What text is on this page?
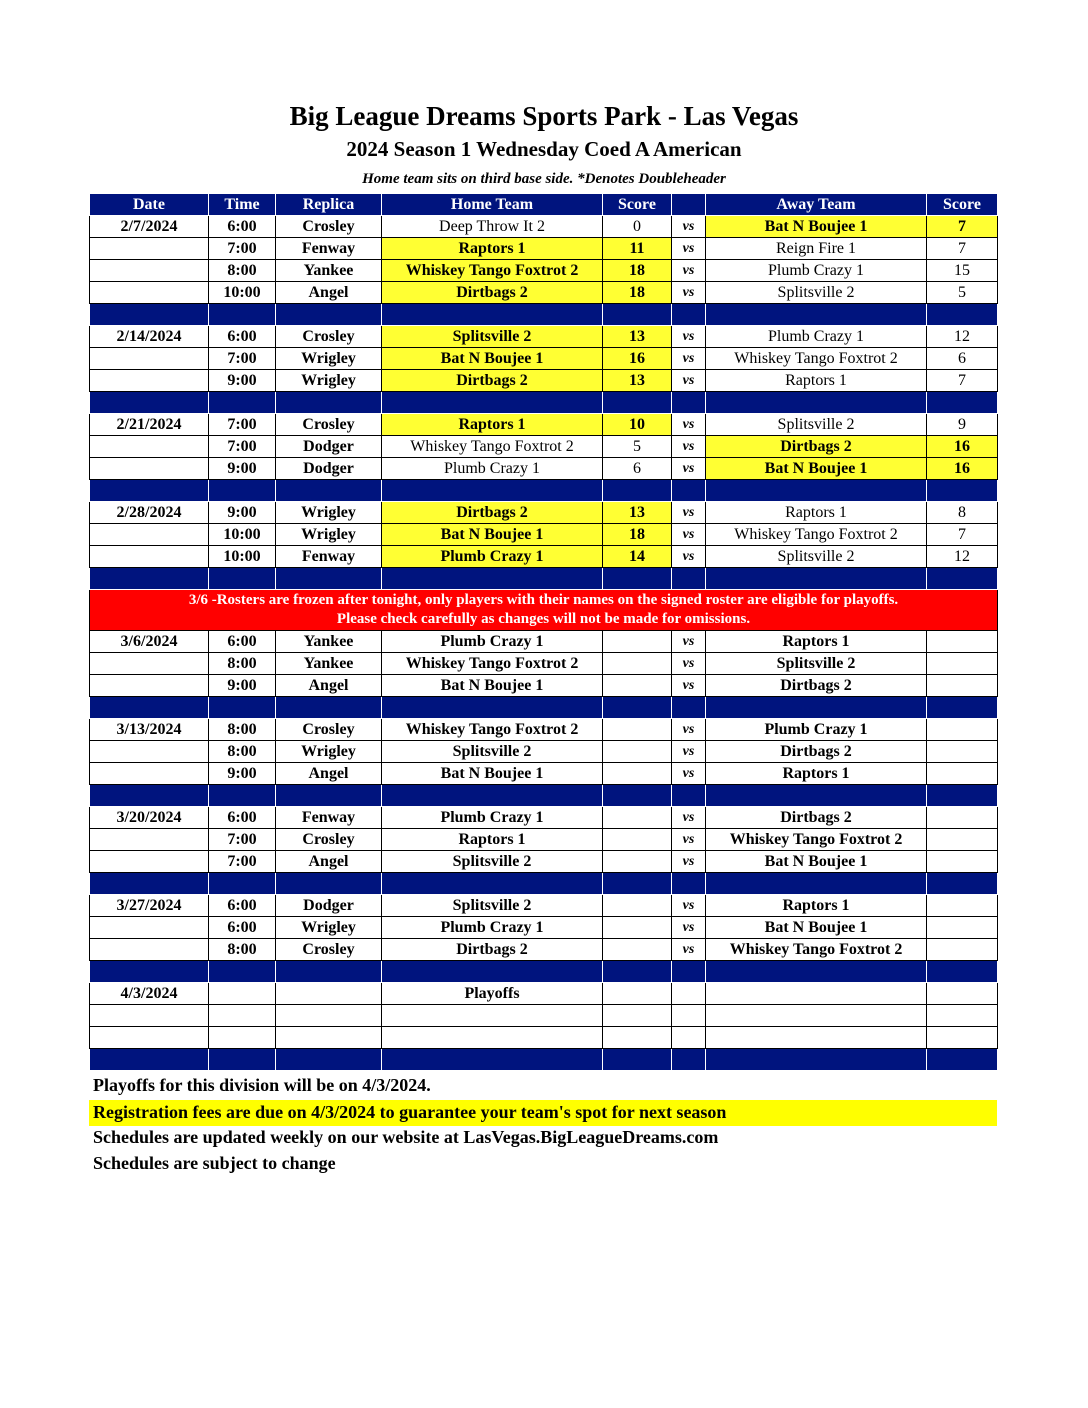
Big League Dreams Sports Park - Las Vegas
2024 Season 1 Wednesday Coed A American
Home team sits on third base side. *Denotes Doubleheader
Date	Time	Replica	Home Team	Score		Away Team	Score
2/7/2024	6:00	Crosley	Deep Throw It 2	0	vs	Bat N Boujee 1	7
	7:00	Fenway	Raptors 1	11	vs	Reign Fire 1	7
	8:00	Yankee	Whiskey Tango Foxtrot 2	18	vs	Plumb Crazy 1	15
	10:00	Angel	Dirtbags 2	18	vs	Splitsville 2	5

2/14/2024	6:00	Crosley	Splitsville 2	13	vs	Plumb Crazy 1	12
	7:00	Wrigley	Bat N Boujee 1	16	vs	Whiskey Tango Foxtrot 2	6
	9:00	Wrigley	Dirtbags 2	13	vs	Raptors 1	7

2/21/2024	7:00	Crosley	Raptors 1	10	vs	Splitsville 2	9
	7:00	Dodger	Whiskey Tango Foxtrot 2	5	vs	Dirtbags 2	16
	9:00	Dodger	Plumb Crazy 1	6	vs	Bat N Boujee 1	16

2/28/2024	9:00	Wrigley	Dirtbags 2	13	vs	Raptors 1	8
	10:00	Wrigley	Bat N Boujee 1	18	vs	Whiskey Tango Foxtrot 2	7
	10:00	Fenway	Plumb Crazy 1	14	vs	Splitsville 2	12

3/6 -Rosters are frozen after tonight, only players with their names on the signed roster are eligible for playoffs.
Please check carefully as changes will not be made for omissions.							

3/6/2024	6:00	Yankee	Plumb Crazy 1		vs	Raptors 1	
	8:00	Yankee	Whiskey Tango Foxtrot 2		vs	Splitsville 2	
	9:00	Angel	Bat N Boujee 1		vs	Dirtbags 2	

3/13/2024	8:00	Crosley	Whiskey Tango Foxtrot 2		vs	Plumb Crazy 1	
	8:00	Wrigley	Splitsville 2		vs	Dirtbags 2	
	9:00	Angel	Bat N Boujee 1		vs	Raptors 1	

3/20/2024	6:00	Fenway	Plumb Crazy 1		vs	Dirtbags 2	
	7:00	Crosley	Raptors 1		vs	Whiskey Tango Foxtrot 2	
	7:00	Angel	Splitsville 2		vs	Bat N Boujee 1	

3/27/2024	6:00	Dodger	Splitsville 2		vs	Raptors 1	
	6:00	Wrigley	Plumb Crazy 1		vs	Bat N Boujee 1	
	8:00	Crosley	Dirtbags 2		vs	Whiskey Tango Foxtrot 2	

4/3/2024			Playoffs				

Playoffs for this division will be on 4/3/2024.
Registration fees are due on 4/3/2024 to guarantee your team's spot for next season
Schedules are updated weekly on our website at LasVegas.BigLeagueDreams.com
Schedules are subject to change
